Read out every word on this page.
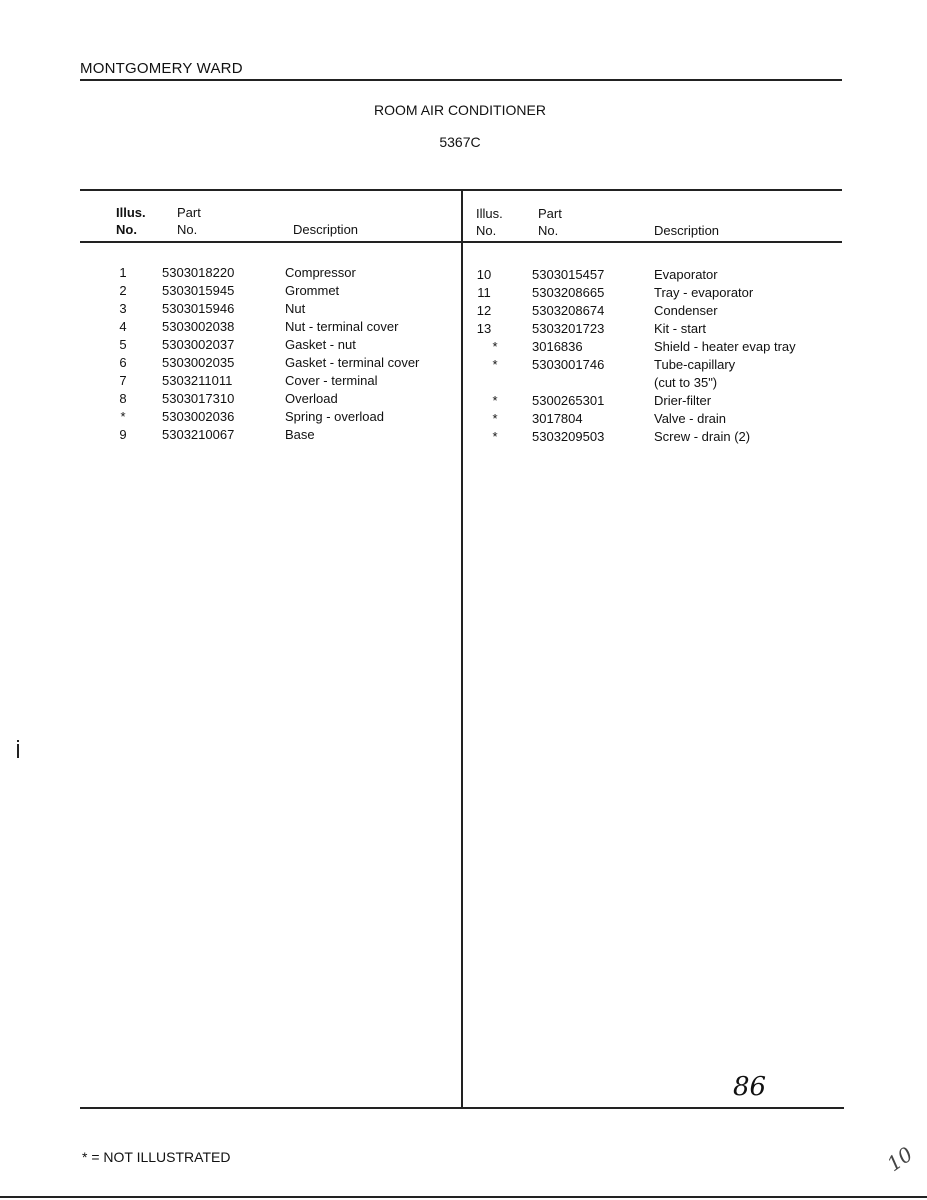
MONTGOMERY WARD
ROOM AIR CONDITIONER
5367C
Illus.
No.
Part
No.	Description
Illus.
No.
Part
No.	Description
1	5303018220	Compressor
2	5303015945	Grommet
3	5303015946	Nut
4	5303002038	Nut - terminal cover
5	5303002037	Gasket - nut
6	5303002035	Gasket - terminal cover
7	5303211011	Cover - terminal
8	5303017310	Overload
*	5303002036	Spring - overload
9	5303210067	Base
10	5303015457	Evaporator
11	5303208665	Tray - evaporator
12	5303208674	Condenser
13	5303201723	Kit - start
*	3016836	Shield - heater evap tray
*	5303001746	Tube-capillary
(cut to 35")
*	5300265301	Drier-filter
*	3017804	Valve - drain
*	5303209503	Screw - drain (2)
86
* = NOT ILLUSTRATED	10
